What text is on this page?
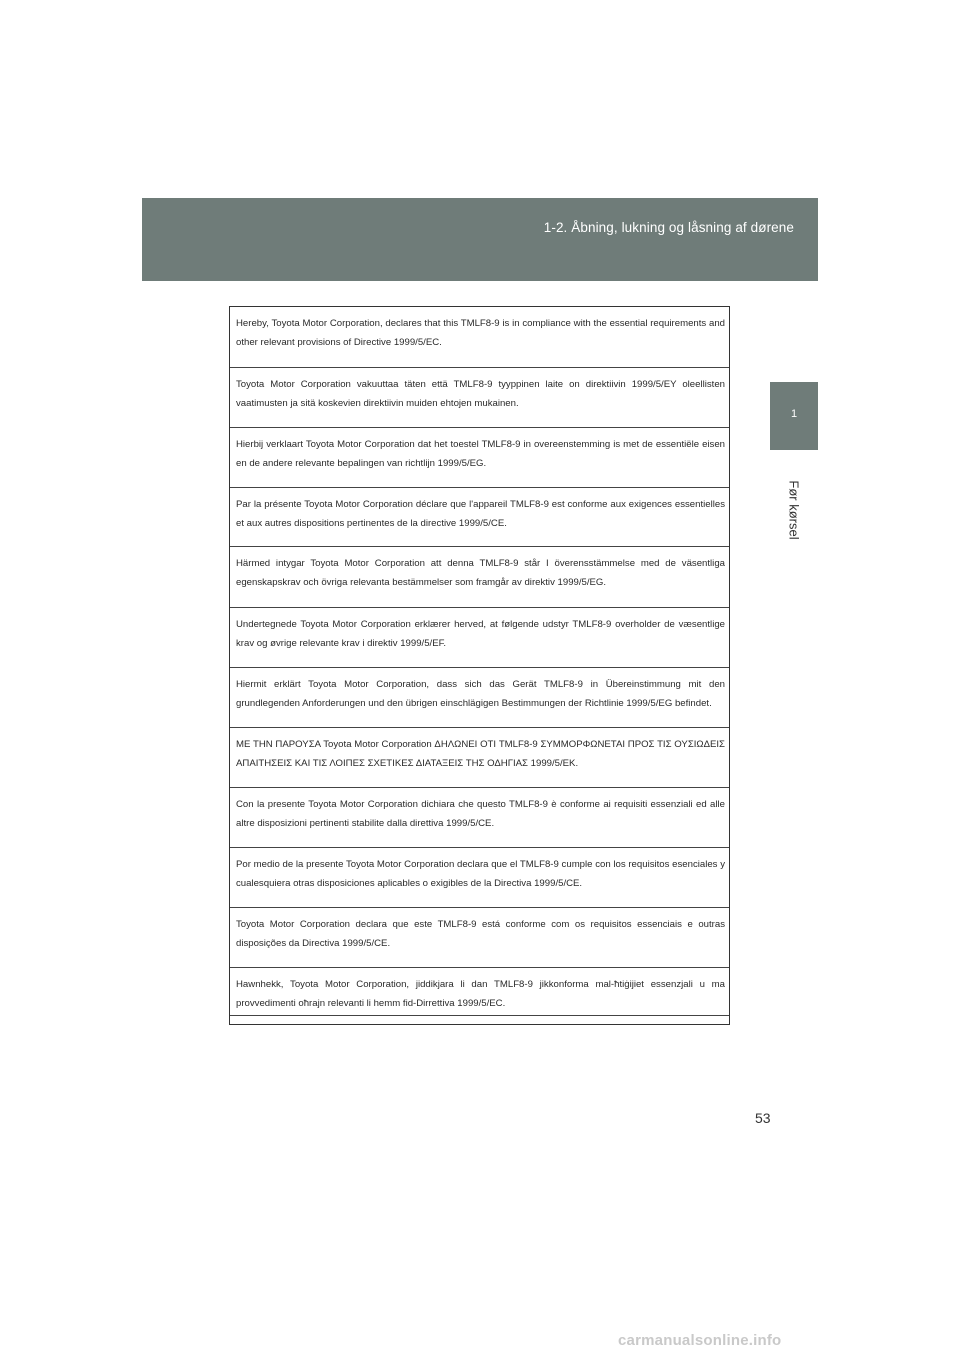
1-2. Åbning, lukning og låsning af dørene
1
Før kørsel
Hereby, Toyota Motor Corporation, declares that this TMLF8-9 is in compliance with the essential requirements and other relevant provisions of Directive 1999/5/EC.
Toyota Motor Corporation vakuuttaa täten että TMLF8-9 tyyppinen laite on direktiivin 1999/5/EY oleellisten vaatimusten ja sitä koskevien direktiivin muiden ehtojen mukainen.
Hierbij verklaart Toyota Motor Corporation dat het toestel TMLF8-9 in overeenstemming is met de essentiële eisen en de andere relevante bepalingen van richtlijn 1999/5/EG.
Par la présente Toyota Motor Corporation déclare que l'appareil TMLF8-9 est conforme aux exigences essentielles et aux autres dispositions pertinentes de la directive 1999/5/CE.
Härmed intygar Toyota Motor Corporation att denna TMLF8-9 står I överensstämmelse med de väsentliga egenskapskrav och övriga relevanta bestämmelser som framgår av direktiv 1999/5/EG.
Undertegnede Toyota Motor Corporation erklærer herved, at følgende udstyr TMLF8-9 overholder de væsentlige krav og øvrige relevante krav i direktiv 1999/5/EF.
Hiermit erklärt Toyota Motor Corporation, dass sich das Gerät TMLF8-9 in Übereinstimmung mit den grundlegenden Anforderungen und den übrigen einschlägigen Bestimmungen der Richtlinie 1999/5/EG befindet.
ΜΕ ΤΗΝ ΠΑΡΟΥΣΑ Toyota Motor Corporation ΔΗΛΩΝΕΙ ΟΤΙ TMLF8-9 ΣΥΜΜΟΡΦΩΝΕΤΑΙ ΠΡΟΣ ΤΙΣ ΟΥΣΙΩΔΕΙΣ ΑΠΑΙΤΗΣΕΙΣ ΚΑΙ ΤΙΣ ΛΟΙΠΕΣ ΣΧΕΤΙΚΕΣ ΔΙΑΤΑΞΕΙΣ ΤΗΣ ΟΔΗΓΙΑΣ 1999/5/ΕΚ.
Con la presente Toyota Motor Corporation dichiara che questo TMLF8-9 è conforme ai requisiti essenziali ed alle altre disposizioni pertinenti stabilite dalla direttiva 1999/5/CE.
Por medio de la presente Toyota Motor Corporation declara que el TMLF8-9 cumple con los requisitos esenciales y cualesquiera otras disposiciones aplicables o exigibles de la Directiva 1999/5/CE.
Toyota Motor Corporation declara que este TMLF8-9 está conforme com os requisitos essenciais e outras disposições da Directiva 1999/5/CE.
Hawnhekk, Toyota Motor Corporation, jiddikjara li dan TMLF8-9 jikkonforma mal-ħtiġijiet essenzjali u ma provvedimenti oħrajn relevanti li hemm fid-Dirrettiva 1999/5/EC.
53
carmanualsonline.info
